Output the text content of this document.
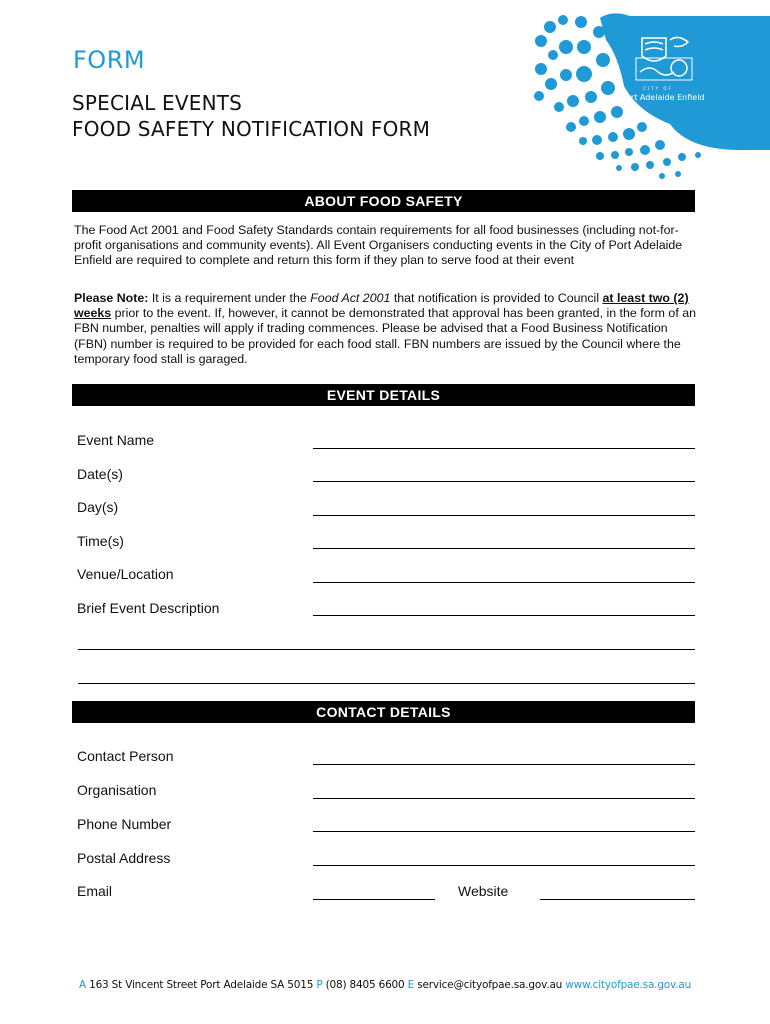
FORM
SPECIAL EVENTS
FOOD SAFETY NOTIFICATION FORM
CITY OF
Port Adelaide Enfield
ABOUT FOOD SAFETY
The Food Act 2001 and Food Safety Standards contain requirements for all food businesses (including not-for-profit organisations and community events). All Event Organisers conducting events in the City of Port Adelaide Enfield are required to complete and return this form if they plan to serve food at their event
Please Note: It is a requirement under the Food Act 2001 that notification is provided to Council at least two (2) weeks prior to the event. If, however, it cannot be demonstrated that approval has been granted, in the form of an FBN number, penalties will apply if trading commences. Please be advised that a Food Business Notification (FBN) number is required to be provided for each food stall. FBN numbers are issued by the Council where the temporary food stall is garaged.
EVENT DETAILS
Event Name
Date(s)
Day(s)
Time(s)
Venue/Location
Brief Event Description
CONTACT DETAILS
Contact Person
Organisation
Phone Number
Postal Address
Email	Website
A 163 St Vincent Street Port Adelaide SA 5015 P (08) 8405 6600 E service@cityofpae.sa.gov.au www.cityofpae.sa.gov.au
